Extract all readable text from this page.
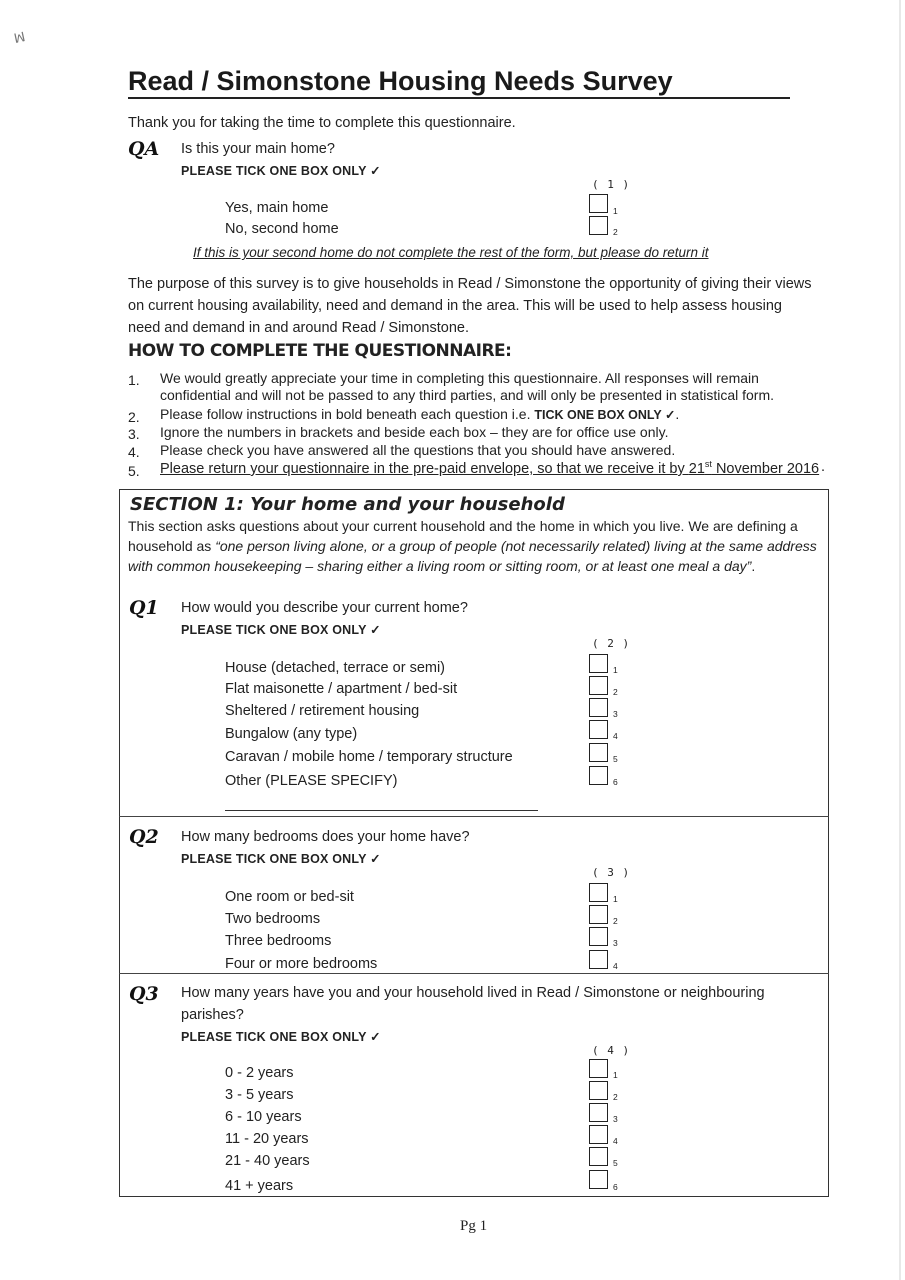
ꟽ
Read / Simonstone Housing Needs Survey
Thank you for taking the time to complete this questionnaire.
QA Is this your main home?
PLEASE TICK ONE BOX ONLY ✓
( 1 )
Yes, main home	1
No, second home	2
If this is your second home do not complete the rest of the form, but please do return it
The purpose of this survey is to give households in Read / Simonstone the opportunity of giving their views on current housing availability, need and demand in the area. This will be used to help assess housing need and demand in and around Read / Simonstone.
HOW TO COMPLETE THE QUESTIONNAIRE:
1. We would greatly appreciate your time in completing this questionnaire. All responses will remain
confidential and will not be passed to any third parties, and will only be presented in statistical form.
2. Please follow instructions in bold beneath each question i.e. TICK ONE BOX ONLY ✓.
3. Ignore the numbers in brackets and beside each box – they are for office use only.
4. Please check you have answered all the questions that you should have answered.
5. Please return your questionnaire in the pre-paid envelope, so that we receive it by 21st November 2016 .
SECTION 1: Your home and your household
This section asks questions about your current household and the home in which you live. We are defining a household as “one person living alone, or a group of people (not necessarily related) living at the same address with common housekeeping – sharing either a living room or sitting room, or at least one meal a day”.
Q1 How would you describe your current home?
PLEASE TICK ONE BOX ONLY ✓
( 2 )
House (detached, terrace or semi)	1
Flat maisonette / apartment / bed-sit	2
Sheltered / retirement housing	3
Bungalow (any type)	4
Caravan / mobile home / temporary structure	5
Other (PLEASE SPECIFY)	6
Q2 How many bedrooms does your home have?
PLEASE TICK ONE BOX ONLY ✓
( 3 )
One room or bed-sit	1
Two bedrooms	2
Three bedrooms	3
Four or more bedrooms	4
Q3 How many years have you and your household lived in Read / Simonstone or neighbouring
parishes?
PLEASE TICK ONE BOX ONLY ✓
( 4 )
0 - 2 years	1
3 - 5 years	2
6 - 10 years	3
11 - 20 years	4
21 - 40 years	5
41 + years	6
Pg 1
